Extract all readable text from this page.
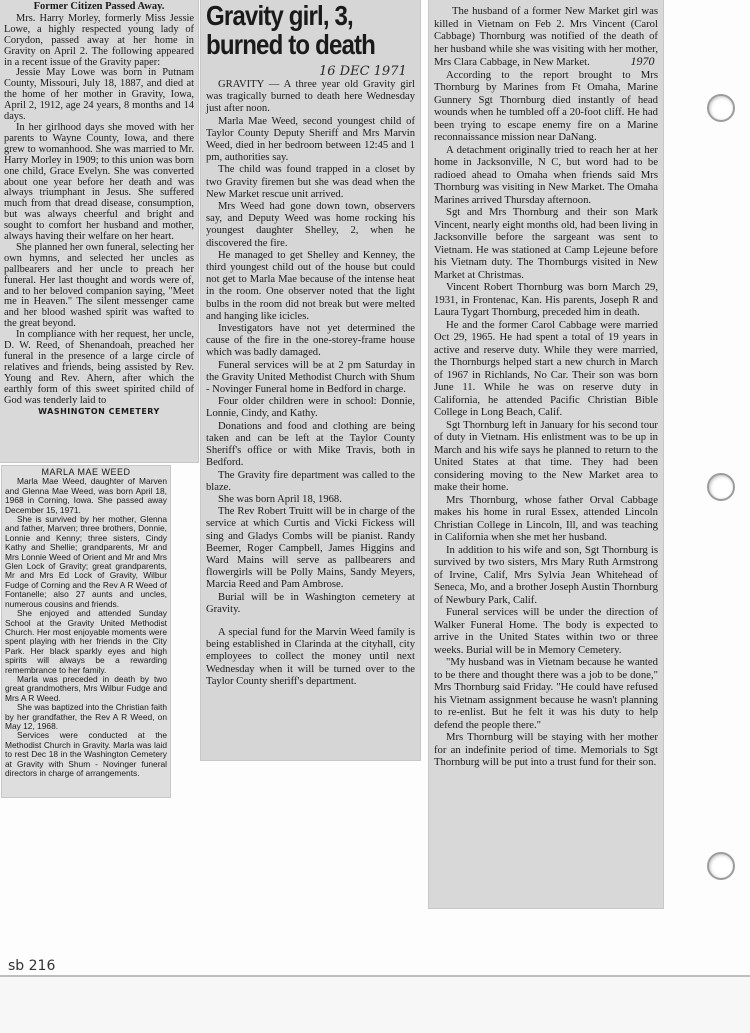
Former Citizen Passed Away.

Mrs. Harry Morley, formerly Miss Jessie Lowe, a highly respected young lady of Corydon, passed away at her home in Gravity on April 2. The following appeared in a recent issue of the Gravity paper:

Jessie May Lowe was born in Putnam County, Missouri, July 18, 1887, and died at the home of her mother in Gravity, Iowa, April 2, 1912, age 24 years, 8 months and 14 days.

In her girlhood days she moved with her parents to Wayne County, Iowa, and there grew to womanhood. She was married to Mr. Harry Morley in 1909; to this union was born one child, Grace Evelyn. She was converted about one year before her death and was always triumphant in Jesus. She suffered much from that dread disease, consumption, but was always cheerful and bright and sought to comfort her husband and mother, always having their welfare on her heart.

She planned her own funeral, selecting her own hymns, and selected her uncles as pallbearers and her uncle to preach her funeral. Her last thought and words were of, and to her beloved companion saying, "Meet me in Heaven." The silent messenger came and her blood washed spirit was wafted to the great beyond.

In compliance with her request, her uncle, D. W. Reed, of Shenandoah, preached her funeral in the presence of a large circle of relatives and friends, being assisted by Rev. Young and Rev. Ahern, after which the earthly form of this sweet spirited child of God was tenderly laid to

WASHINGTON CEMETERY

MARLA MAE WEED

Marla Mae Weed, daughter of Marven and Glenna Mae Weed, was born April 18, 1968 in Corning, Iowa. She passed away December 15, 1971.

She is survived by her mother, Glenna and father, Marven; three brothers, Donnie, Lonnie and Kenny; three sisters, Cindy Kathy and Shellie; grandparents, Mr and Mrs Lonnie Weed of Orient and Mr and Mrs Glen Lock of Gravity; great grandparents, Mr and Mrs Ed Lock of Gravity, Wilbur Fudge of Corning and the Rev A R Weed of Fontanelle; also 27 aunts and uncles, numerous cousins and friends.

She enjoyed and attended Sunday School at the Gravity United Methodist Church. Her most enjoyable moments were spent playing with her friends in the City Park. Her black sparkly eyes and high spirits will always be a rewarding remembrance to her family.

Marla was preceded in death by two great grandmothers, Mrs Wilbur Fudge and Mrs A R Weed.

She was baptized into the Christian faith by her grandfather, the Rev A R Weed, on May 12, 1968.

Services were conducted at the Methodist Church in Gravity. Marla was laid to rest Dec 18 in the Washington Cemetery at Gravity with Shum - Novinger funeral directors in charge of arrangements.

Gravity girl, 3,
burned to death

16 DEC 1971

GRAVITY — A three year old Gravity girl was tragically burned to death here Wednesday just after noon.

Marla Mae Weed, second youngest child of Taylor County Deputy Sheriff and Mrs Marvin Weed, died in her bedroom between 12:45 and 1 pm, authorities say.

The child was found trapped in a closet by two Gravity firemen but she was dead when the New Market rescue unit arrived.

Mrs Weed had gone down town, observers say, and Deputy Weed was home rocking his youngest daughter Shelley, 2, when he discovered the fire.

He managed to get Shelley and Kenney, the third youngest child out of the house but could not get to Marla Mae because of the intense heat in the room. One observer noted that the light bulbs in the room did not break but were melted and hanging like icicles.

Investigators have not yet determined the cause of the fire in the one-storey-frame house which was badly damaged.

Funeral services will be at 2 pm Saturday in the Gravity United Methodist Church with Shum - Novinger Funeral home in Bedford in charge.

Four older children were in school: Donnie, Lonnie, Cindy, and Kathy.

Donations and food and clothing are being taken and can be left at the Taylor County Sheriff's office or with Mike Travis, both in Bedford.

The Gravity fire department was called to the blaze.

She was born April 18, 1968.

The Rev Robert Truitt will be in charge of the service at which Curtis and Vicki Fickess will sing and Gladys Combs will be pianist. Randy Beemer, Roger Campbell, James Higgins and Ward Mains will serve as pallbearers and flowergirls will be Polly Mains, Sandy Meyers, Marcia Reed and Pam Ambrose.

Burial will be in Washington cemetery at Gravity.

A special fund for the Marvin Weed family is being established in Clarinda at the cityhall, city employees to collect the money until next Wednesday when it will be turned over to the Taylor County sheriff's department.

The husband of a former New Market girl was killed in Vietnam on Feb 2. Mrs Vincent (Carol Cabbage) Thornburg was notified of the death of her husband while she was visiting with her mother, Mrs Clara Cabbage, in New Market.	1970

According to the report brought to Mrs Thornburg by Marines from Ft Omaha, Marine Gunnery Sgt Thornburg died instantly of head wounds when he tumbled off a 20-foot cliff. He had been trying to escape enemy fire on a Marine reconnaissance mission near DaNang.

A detachment originally tried to reach her at her home in Jacksonville, N C, but word had to be radioed ahead to Omaha when friends said Mrs Thornburg was visiting in New Market. The Omaha Marines arrived Thursday afternoon.

Sgt and Mrs Thornburg and their son Mark Vincent, nearly eight months old, had been living in Jacksonville before the sargeant was sent to Vietnam. He was stationed at Camp Lejeune before his Vietnam duty. The Thornburgs visited in New Market at Christmas.

Vincent Robert Thornburg was born March 29, 1931, in Frontenac, Kan. His parents, Joseph R and Laura Tygart Thornburg, preceded him in death.

He and the former Carol Cabbage were married Oct 29, 1965. He had spent a total of 19 years in active and reserve duty. While they were married, the Thornburgs helped start a new church in March of 1967 in Richlands, No Car. Their son was born June 11. While he was on reserve duty in California, he attended Pacific Christian Bible College in Long Beach, Calif.

Sgt Thornburg left in January for his second tour of duty in Vietnam. His enlistment was to be up in March and his wife says he planned to return to the United States at that time. They had been considering moving to the New Market area to make their home.

Mrs Thornburg, whose father Orval Cabbage makes his home in rural Essex, attended Lincoln Christian College in Lincoln, Ill, and was teaching in California when she met her husband.

In addition to his wife and son, Sgt Thornburg is survived by two sisters, Mrs Mary Ruth Armstrong of Irvine, Calif, Mrs Sylvia Jean Whitehead of Seneca, Mo, and a brother Joseph Austin Thornburg of Newbury Park, Calif.

Funeral services will be under the direction of Walker Funeral Home. The body is expected to arrive in the United States within two or three weeks. Burial will be in Memory Cemetery.

"My husband was in Vietnam because he wanted to be there and thought there was a job to be done," Mrs Thornburg said Friday. "He could have refused his Vietnam assignment because he wasn't planning to re-enlist. But he felt it was his duty to help defend the people there."

Mrs Thornburg will be staying with her mother for an indefinite period of time. Memorials to Sgt Thornburg will be put into a trust fund for their son.

sb 216
